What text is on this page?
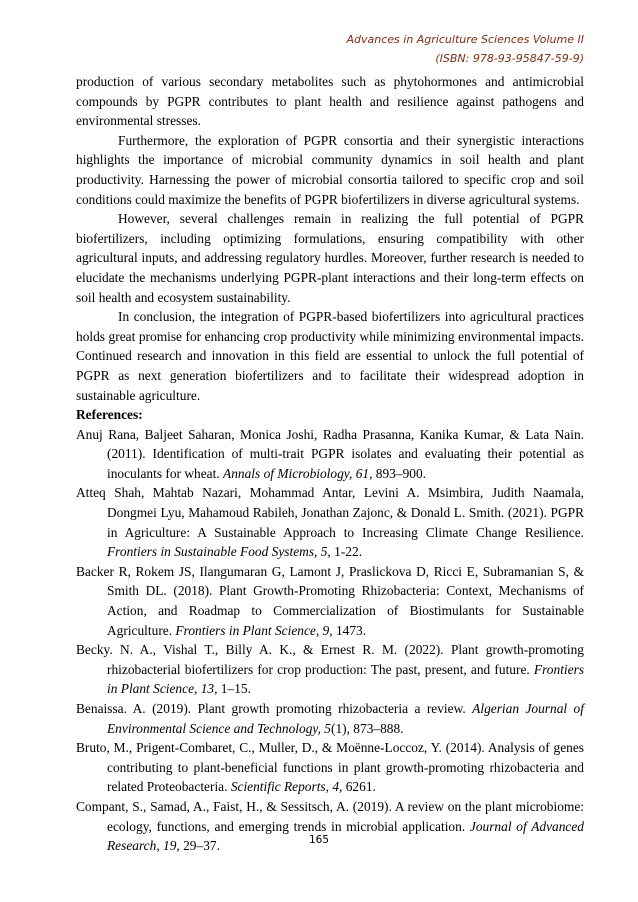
Advances in Agriculture Sciences Volume II
(ISBN: 978-93-95847-59-9)

production of various secondary metabolites such as phytohormones and antimicrobial compounds by PGPR contributes to plant health and resilience against pathogens and environmental stresses.

Furthermore, the exploration of PGPR consortia and their synergistic interactions highlights the importance of microbial community dynamics in soil health and plant productivity. Harnessing the power of microbial consortia tailored to specific crop and soil conditions could maximize the benefits of PGPR biofertilizers in diverse agricultural systems.

However, several challenges remain in realizing the full potential of PGPR biofertilizers, including optimizing formulations, ensuring compatibility with other agricultural inputs, and addressing regulatory hurdles. Moreover, further research is needed to elucidate the mechanisms underlying PGPR-plant interactions and their long-term effects on soil health and ecosystem sustainability.

In conclusion, the integration of PGPR-based biofertilizers into agricultural practices holds great promise for enhancing crop productivity while minimizing environmental impacts. Continued research and innovation in this field are essential to unlock the full potential of PGPR as next generation biofertilizers and to facilitate their widespread adoption in sustainable agriculture.

References:

Anuj Rana, Baljeet Saharan, Monica Joshi, Radha Prasanna, Kanika Kumar, & Lata Nain. (2011). Identification of multi-trait PGPR isolates and evaluating their potential as inoculants for wheat. Annals of Microbiology, 61, 893–900.

Atteq Shah, Mahtab Nazari, Mohammad Antar, Levini A. Msimbira, Judith Naamala, Dongmei Lyu, Mahamoud Rabileh, Jonathan Zajonc, & Donald L. Smith. (2021). PGPR in Agriculture: A Sustainable Approach to Increasing Climate Change Resilience. Frontiers in Sustainable Food Systems, 5, 1-22.

Backer R, Rokem JS, Ilangumaran G, Lamont J, Praslickova D, Ricci E, Subramanian S, & Smith DL. (2018). Plant Growth-Promoting Rhizobacteria: Context, Mechanisms of Action, and Roadmap to Commercialization of Biostimulants for Sustainable Agriculture. Frontiers in Plant Science, 9, 1473.

Becky. N. A., Vishal T., Billy A. K., & Ernest R. M. (2022). Plant growth-promoting rhizobacterial biofertilizers for crop production: The past, present, and future. Frontiers in Plant Science, 13, 1–15.

Benaissa. A. (2019). Plant growth promoting rhizobacteria a review. Algerian Journal of Environmental Science and Technology, 5(1), 873–888.

Bruto, M., Prigent-Combaret, C., Muller, D., & Moënne-Loccoz, Y. (2014). Analysis of genes contributing to plant-beneficial functions in plant growth-promoting rhizobacteria and related Proteobacteria. Scientific Reports, 4, 6261.

Compant, S., Samad, A., Faist, H., & Sessitsch, A. (2019). A review on the plant microbiome: ecology, functions, and emerging trends in microbial application. Journal of Advanced Research, 19, 29–37.	165
